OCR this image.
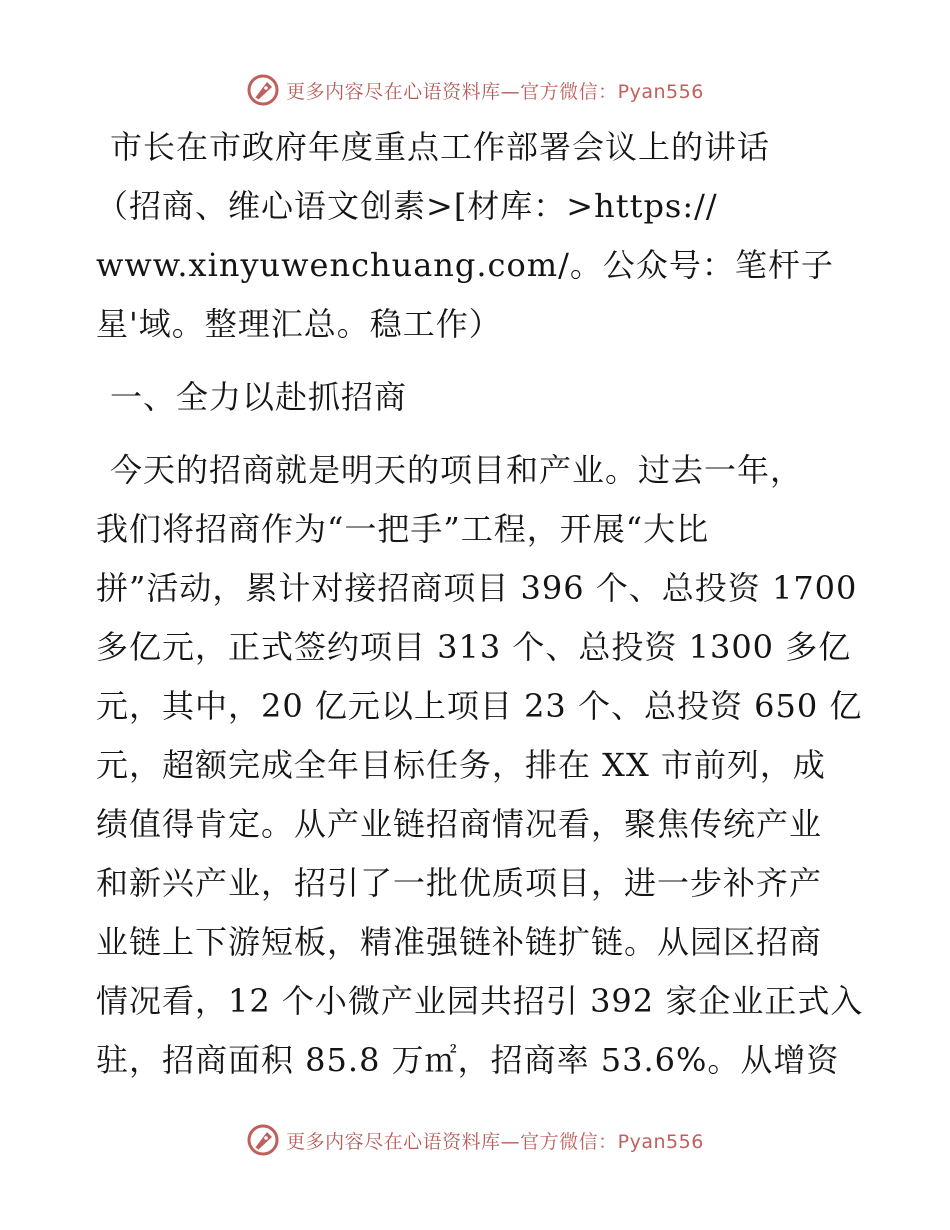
更多内容尽在心语资料库—官方微信：Pyan556
市长在市政府年度重点工作部署会议上的讲话
（招商、维心语文创素>[材库：>https://
www.xinyuwenchuang.com/。公众号：笔杆子
星'域。整理汇总。稳工作）
一、全力以赴抓招商
今天的招商就是明天的项目和产业。过去一年，
我们将招商作为“一把手”工程，开展“大比
拼”活动，累计对接招商项目 396 个、总投资 1700
多亿元，正式签约项目 313 个、总投资 1300 多亿
元，其中，20 亿元以上项目 23 个、总投资 650 亿
元，超额完成全年目标任务，排在 XX 市前列，成
绩值得肯定。从产业链招商情况看，聚焦传统产业
和新兴产业，招引了一批优质项目，进一步补齐产
业链上下游短板，精准强链补链扩链。从园区招商
情况看，12 个小微产业园共招引 392 家企业正式入
驻，招商面积 85.8 万㎡，招商率 53.6%。从增资
更多内容尽在心语资料库—官方微信：Pyan556
